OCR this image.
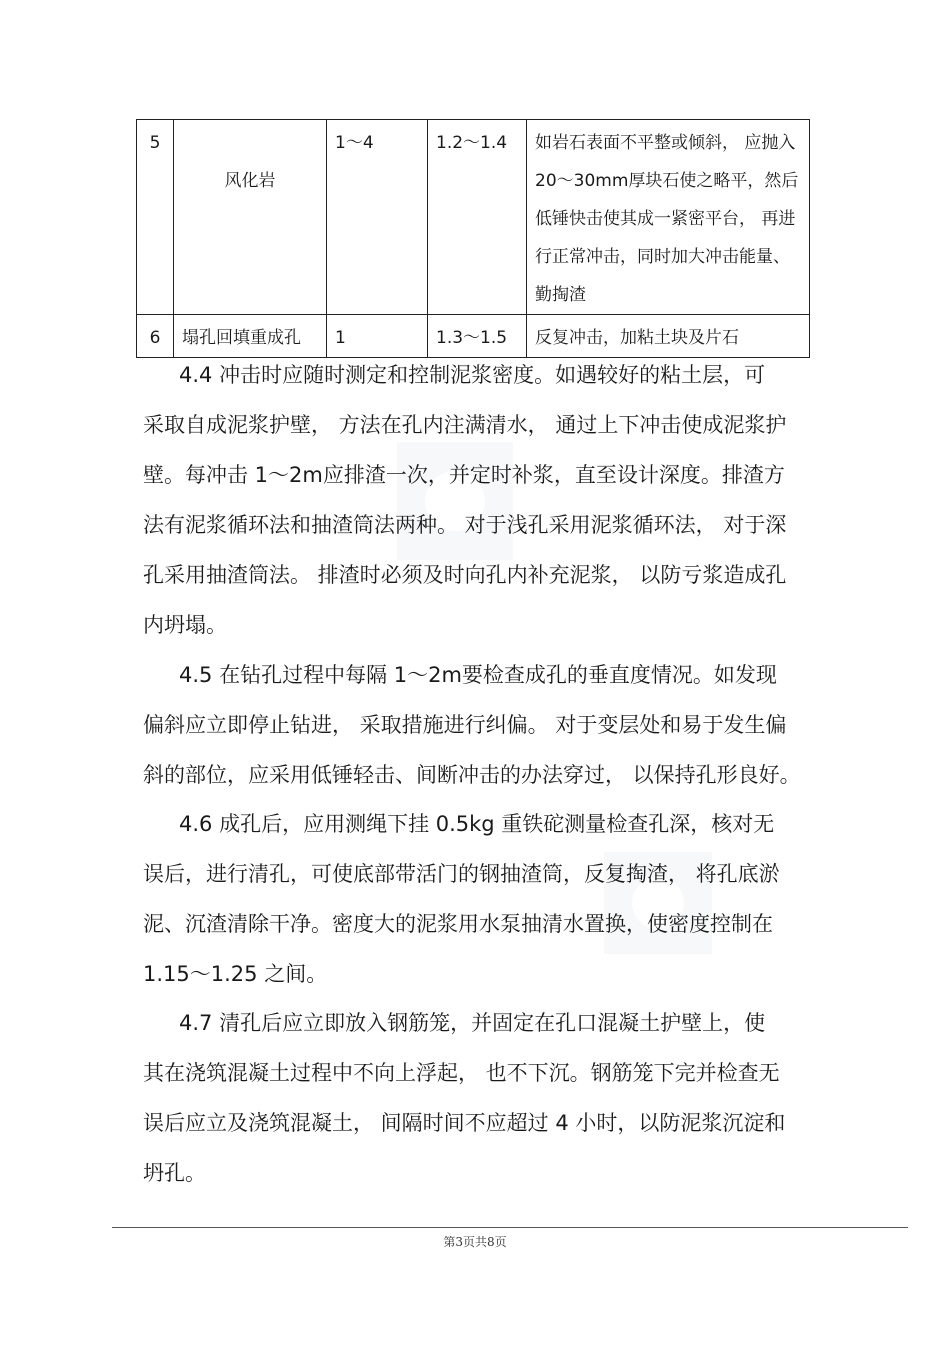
5	风化岩	1～4	1.2～1.4	如岩石表面不平整或倾斜， 应抛入20～30mm厚块石使之略平，然后低锤快击使其成一紧密平台， 再进行正常冲击，同时加大冲击能量、勤掏渣
6	塌孔回填重成孔	1	1.3～1.5	反复冲击，加粘土块及片石
4.4 冲击时应随时测定和控制泥浆密度。如遇较好的粘土层，可
采取自成泥浆护壁， 方法在孔内注满清水， 通过上下冲击使成泥浆护
壁。每冲击 1～2m应排渣一次，并定时补浆，直至设计深度。排渣方
法有泥浆循环法和抽渣筒法两种。 对于浅孔采用泥浆循环法， 对于深
孔采用抽渣筒法。 排渣时必须及时向孔内补充泥浆， 以防亏浆造成孔
内坍塌。
4.5 在钻孔过程中每隔 1～2m要检查成孔的垂直度情况。如发现
偏斜应立即停止钻进， 采取措施进行纠偏。 对于变层处和易于发生偏
斜的部位，应采用低锤轻击、间断冲击的办法穿过， 以保持孔形良好。
4.6 成孔后，应用测绳下挂 0.5kg 重铁砣测量检查孔深，核对无
误后，进行清孔，可使底部带活门的钢抽渣筒，反复掏渣， 将孔底淤
泥、沉渣清除干净。密度大的泥浆用水泵抽清水置换，使密度控制在
1.15～1.25 之间。
4.7 清孔后应立即放入钢筋笼，并固定在孔口混凝土护壁上，使
其在浇筑混凝土过程中不向上浮起， 也不下沉。钢筋笼下完并检查无
误后应立及浇筑混凝土， 间隔时间不应超过 4 小时，以防泥浆沉淀和
坍孔。
第3页共8页
